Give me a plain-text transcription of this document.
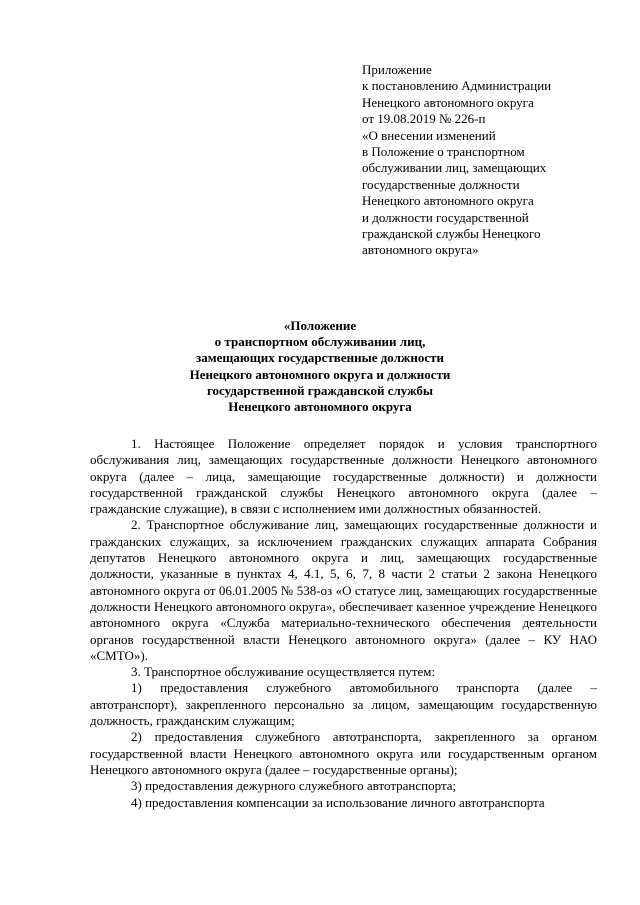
Приложение
к постановлению Администрации
Ненецкого автономного округа
от 19.08.2019 № 226-п
«О внесении изменений
в Положение о транспортном
обслуживании лиц, замещающих
государственные должности
Ненецкого автономного округа
и должности государственной
гражданской службы Ненецкого
автономного округа»
«Положение
о транспортном обслуживании лиц,
замещающих государственные должности
Ненецкого автономного округа и должности
государственной гражданской службы
Ненецкого автономного округа

1. Настоящее Положение определяет порядок и условия транспортного обслуживания лиц, замещающих государственные должности Ненецкого автономного округа (далее – лица, замещающие государственные должности) и должности государственной гражданской службы Ненецкого автономного округа (далее – гражданские служащие), в связи с исполнением ими должностных обязанностей.

2. Транспортное обслуживание лиц, замещающих государственные должности и гражданских служащих, за исключением гражданских служащих аппарата Собрания депутатов Ненецкого автономного округа и лиц, замещающих государственные должности, указанные в пунктах 4, 4.1, 5, 6, 7, 8 части 2 статьи 2 закона Ненецкого автономного округа от 06.01.2005 № 538-оз «О статусе лиц, замещающих государственные должности Ненецкого автономного округа», обеспечивает казенное учреждение Ненецкого автономного округа «Служба материально-технического обеспечения деятельности органов государственной власти Ненецкого автономного округа» (далее – КУ НАО «СМТО»).

3. Транспортное обслуживание осуществляется путем:

1) предоставления служебного автомобильного транспорта (далее – автотранспорт), закрепленного персонально за лицом, замещающим государственную должность, гражданским служащим;

2) предоставления служебного автотранспорта, закрепленного за органом государственной власти Ненецкого автономного округа или государственным органом Ненецкого автономного округа (далее – государственные органы);

3) предоставления дежурного служебного автотранспорта;

4) предоставления компенсации за использование личного автотранспорта
